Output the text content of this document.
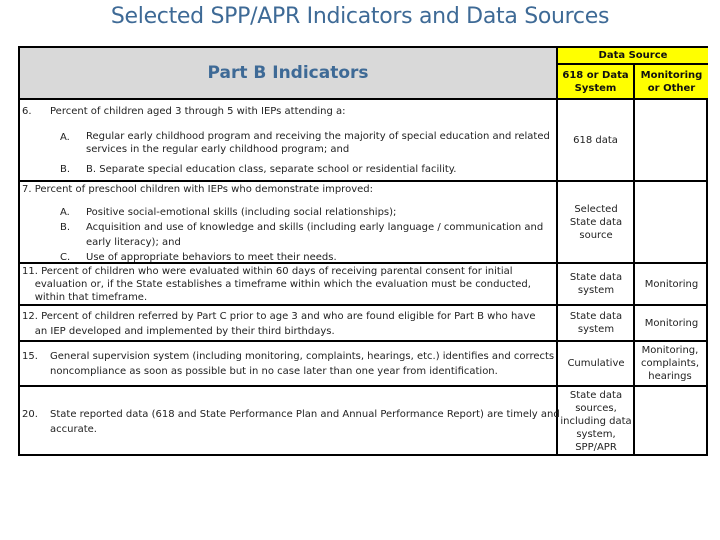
Selected SPP/APR Indicators and Data Sources
Part B Indicators
Data Source
618 or Data System
Monitoring or Other
6. Percent of children aged 3 through 5 with IEPs attending a:
A. Regular early childhood program and receiving the majority of special education and related
services in the regular early childhood program; and
B. B. Separate special education class, separate school or residential facility.
618 data
7. Percent of preschool children with IEPs who demonstrate improved:
A. Positive social-emotional skills (including social relationships);
B. Acquisition and use of knowledge and skills (including early language / communication and
early literacy); and
C. Use of appropriate behaviors to meet their needs.
Selected State data source
11. Percent of children who were evaluated within 60 days of receiving parental consent for initial
evaluation or, if the State establishes a timeframe within which the evaluation must be conducted,
within that timeframe.
State data system
Monitoring
12. Percent of children referred by Part C prior to age 3 and who are found eligible for Part B who have
an IEP developed and implemented by their third birthdays.
State data system
Monitoring
15. General supervision system (including monitoring, complaints, hearings, etc.) identifies and corrects
noncompliance as soon as possible but in no case later than one year from identification.
Cumulative
Monitoring, complaints, hearings
20. State reported data (618 and State Performance Plan and Annual Performance Report) are timely and
accurate.
State data sources, including data system, SPP/APR
